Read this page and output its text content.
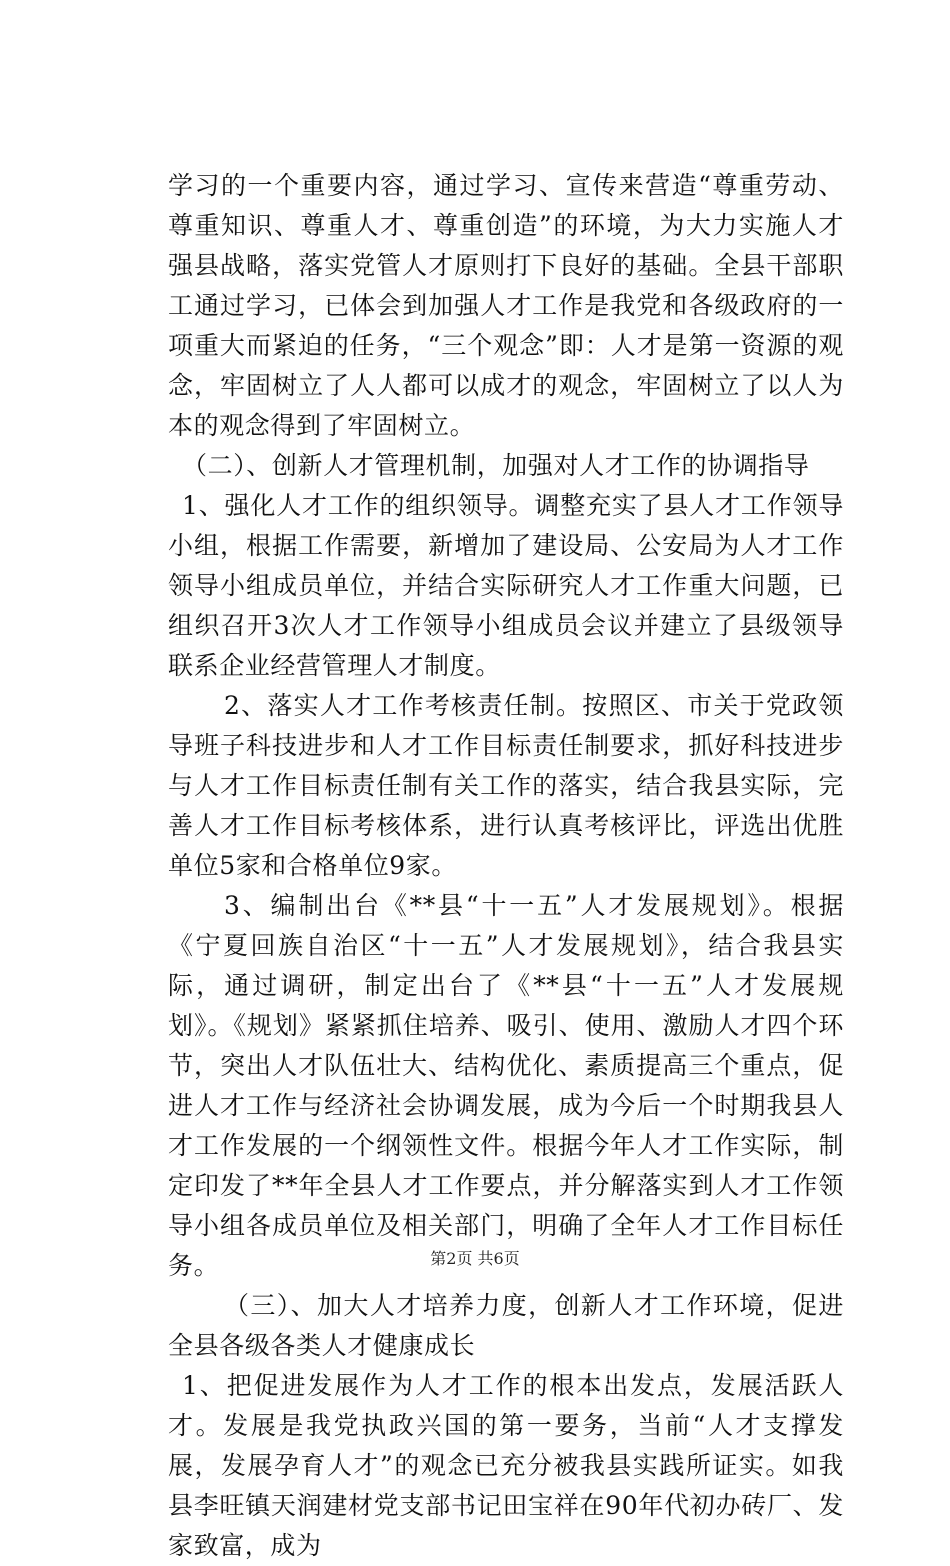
学习的一个重要内容，通过学习、宣传来营造“尊重劳动、尊重知识、尊重人才、尊重创造”的环境，为大力实施人才强县战略，落实党管人才原则打下良好的基础。全县干部职工通过学习，已体会到加强人才工作是我党和各级政府的一项重大而紧迫的任务，“三个观念”即：人才是第一资源的观念，牢固树立了人人都可以成才的观念，牢固树立了以人为本的观念得到了牢固树立。

（二）、创新人才管理机制，加强对人才工作的协调指导

1、强化人才工作的组织领导。调整充实了县人才工作领导小组，根据工作需要，新增加了建设局、公安局为人才工作领导小组成员单位，并结合实际研究人才工作重大问题，已组织召开3次人才工作领导小组成员会议并建立了县级领导联系企业经营管理人才制度。

2、落实人才工作考核责任制。按照区、市关于党政领导班子科技进步和人才工作目标责任制要求，抓好科技进步与人才工作目标责任制有关工作的落实，结合我县实际，完善人才工作目标考核体系，进行认真考核评比，评选出优胜单位5家和合格单位9家。

3、编制出台《**县“十一五”人才发展规划》。根据《宁夏回族自治区“十一五”人才发展规划》，结合我县实际，通过调研，制定出台了《**县“十一五”人才发展规划》。《规划》紧紧抓住培养、吸引、使用、激励人才四个环节，突出人才队伍壮大、结构优化、素质提高三个重点，促进人才工作与经济社会协调发展，成为今后一个时期我县人才工作发展的一个纲领性文件。根据今年人才工作实际，制定印发了**年全县人才工作要点，并分解落实到人才工作领导小组各成员单位及相关部门，明确了全年人才工作目标任务。

（三）、加大人才培养力度，创新人才工作环境，促进全县各级各类人才健康成长

1、把促进发展作为人才工作的根本出发点，发展活跃人才。发展是我党执政兴国的第一要务，当前“人才支撑发展，发展孕育人才”的观念已充分被我县实践所证实。如我县李旺镇天润建材党支部书记田宝祥在90年代初办砖厂、发家致富，成为

第2页 共6页
